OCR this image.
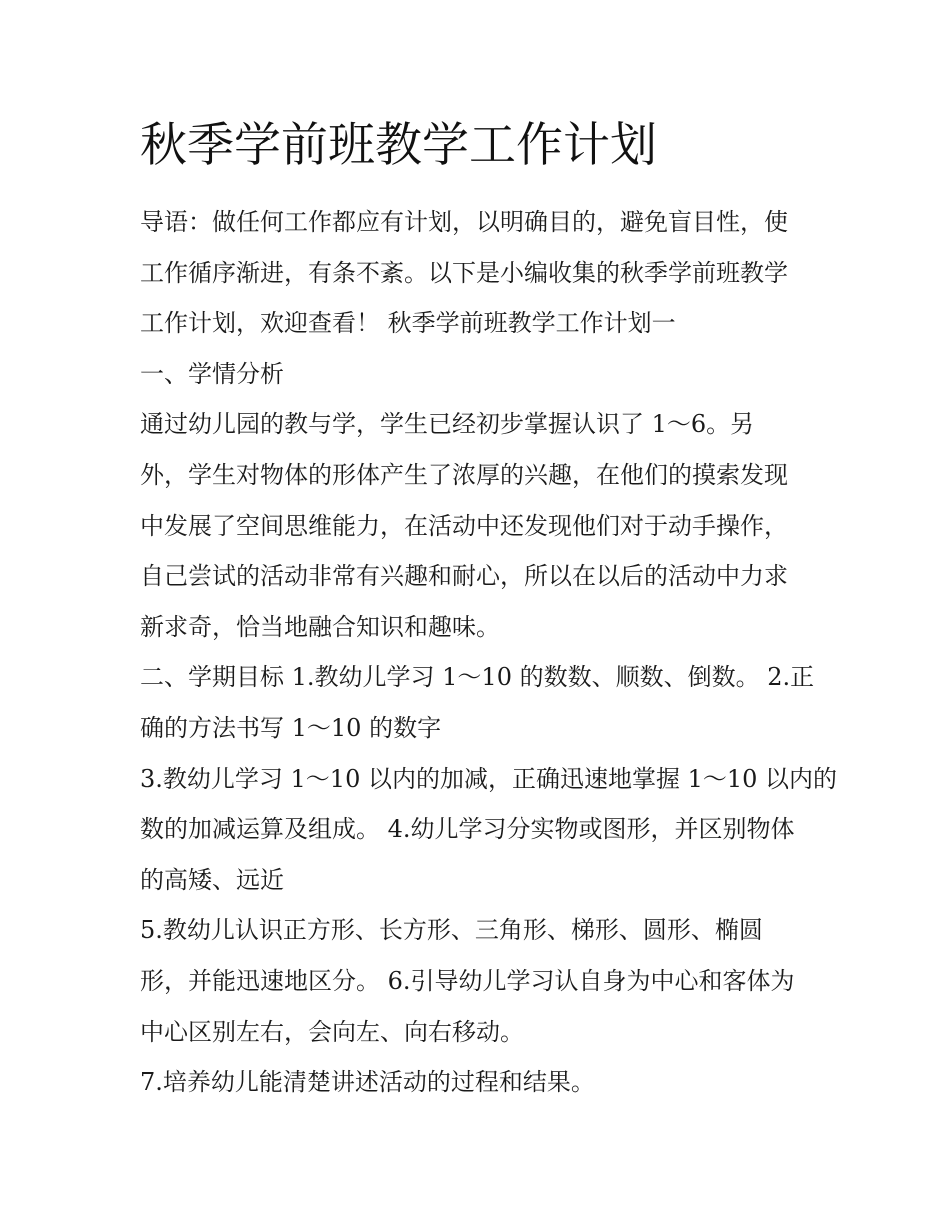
秋季学前班教学工作计划
导语：做任何工作都应有计划，以明确目的，避免盲目性，使
工作循序渐进，有条不紊。以下是小编收集的秋季学前班教学
工作计划，欢迎查看！ 秋季学前班教学工作计划一
一、学情分析
通过幼儿园的教与学，学生已经初步掌握认识了 1～6。另
外，学生对物体的形体产生了浓厚的兴趣，在他们的摸索发现
中发展了空间思维能力，在活动中还发现他们对于动手操作，
自己尝试的活动非常有兴趣和耐心，所以在以后的活动中力求
新求奇，恰当地融合知识和趣味。
二、学期目标 1.教幼儿学习 1～10 的数数、顺数、倒数。 2.正
确的方法书写 1～10 的数字
3.教幼儿学习 1～10 以内的加减，正确迅速地掌握 1～10 以内的
数的加减运算及组成。 4.幼儿学习分实物或图形，并区别物体
的高矮、远近
5.教幼儿认识正方形、长方形、三角形、梯形、圆形、椭圆
形，并能迅速地区分。 6.引导幼儿学习认自身为中心和客体为
中心区别左右，会向左、向右移动。
7.培养幼儿能清楚讲述活动的过程和结果。
